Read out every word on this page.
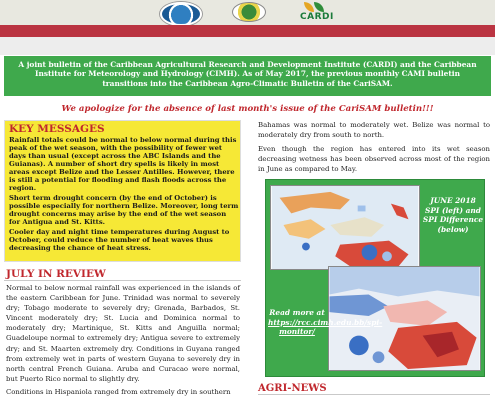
CARDI
A joint bulletin of the Caribbean Agricultural Research and Development Institute (CARDI) and the Caribbean Institute for Meteorology and Hydrology (CIMH). As of May 2017, the previous monthly CAMI bulletin transitions into the Caribbean Agro-Climatic Bulletin of the CariSAM.
We apologize for the absence of last month's issue of the CariSAM bulletin!!!
KEY MESSAGES

Rainfall totals could be normal to below normal during this peak of the wet season, with the possibility of fewer wet days than usual (except across the ABC Islands and the Guianas). A number of short dry spells is likely in most areas except Belize and the Lesser Antilles. However, there is still a potential for flooding and flash floods across the region.

Short term drought concern (by the end of October) is possible especially for northern Belize. Moreover, long term drought concerns may arise by the end of the wet season for Antigua and St. Kitts.

Cooler day and night time temperatures during August to October, could reduce the number of heat waves thus decreasing the chance of heat stress.

JULY IN REVIEW

Normal to below normal rainfall was experienced in the islands of the eastern Caribbean for June. Trinidad was normal to severely dry; Tobago moderate to severely dry; Grenada, Barbados, St. Vincent moderately dry; St. Lucia and Dominica normal to moderately dry; Martinique, St. Kitts and Anguilla normal; Guadeloupe normal to extremely dry; Antigua severe to extremely dry; and St. Maarten extremely dry. Conditions in Guyana ranged from extremely wet in parts of western Guyana to severely dry in north central French Guiana. Aruba and Curacao were normal, but Puerto Rico normal to slightly dry.

Conditions in Hispaniola ranged from extremely dry in southern

Bahamas was normal to moderately wet. Belize was normal to moderately dry from south to north.

Even though the region has entered into its wet season decreasing wetness has been observed across most of the region in June as compared to May.

JUNE 2018 SPI (left) and SPI Difference (below)
Read more at https://rcc.cimh.edu.bb/spi-monitor/
AGRI-NEWS
